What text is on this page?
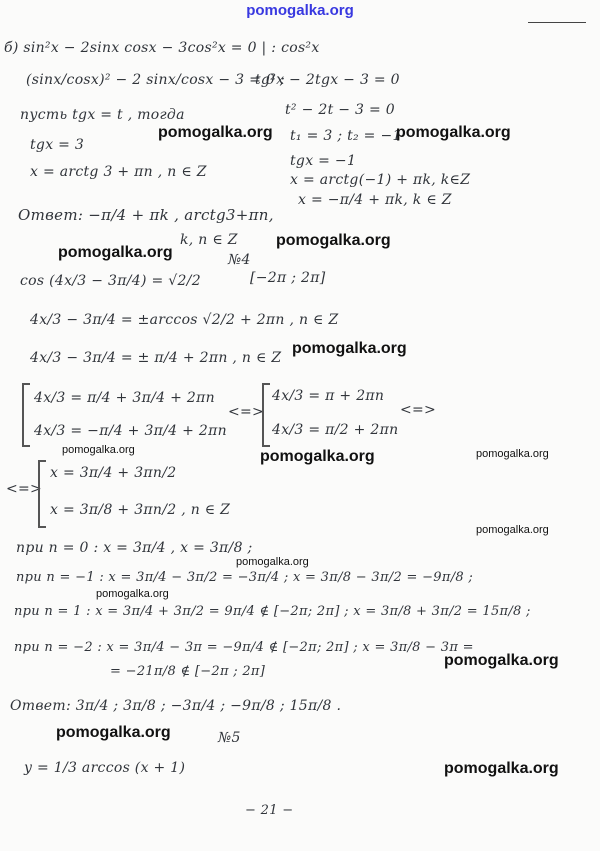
pomogalka.org
б) sin²x − 2sinx cosx − 3cos²x = 0 | : cos²x
(sinx/cosx)² − 2 sinx/cosx − 3 = 0 ;
tg²x − 2tgx − 3 = 0
пусть tgx = t , тогда	t² − 2t − 3 = 0
t₁ = 3 ; t₂ = −1
tgx = 3
tgx = −1
x = arctg 3 + πn , n ∈ Z	x = arctg(−1) + πk, k∈Z
x = −π/4 + πk, k ∈ Z
Ответ: −π/4 + πk , arctg3+πn,
k, n ∈ Z
№4
cos (4x/3 − 3π/4) = √2/2	[−2π ; 2π]
4x/3 − 3π/4 = ±arccos √2/2 + 2πn , n ∈ Z
4x/3 − 3π/4 = ± π/4 + 2πn , n ∈ Z
4x/3 = π/4 + 3π/4 + 2πn
4x/3 = −π/4 + 3π/4 + 2πn
<=>
4x/3 = π + 2πn
4x/3 = π/2 + 2πn
<=>
<=>
x = 3π/4 + 3πn/2
x = 3π/8 + 3πn/2 , n ∈ Z
при n = 0 : x = 3π/4 , x = 3π/8 ;
при n = −1 : x = 3π/4 − 3π/2 = −3π/4 ; x = 3π/8 − 3π/2 = −9π/8 ;
при n = 1 : x = 3π/4 + 3π/2 = 9π/4 ∉ [−2π; 2π] ; x = 3π/8 + 3π/2 = 15π/8 ;
при n = −2 : x = 3π/4 − 3π = −9π/4 ∉ [−2π; 2π] ; x = 3π/8 − 3π =
= −21π/8 ∉ [−2π ; 2π]
Ответ: 3π/4 ; 3π/8 ; −3π/4 ; −9π/8 ; 15π/8 .
№5
y = 1/3 arccos (x + 1)
− 21 −
pomogalka.org	pomogalka.org
pomogalka.org
pomogalka.org
pomogalka.org
pomogalka.org	pomogalka.org	pomogalka.org
pomogalka.org
pomogalka.org
pomogalka.org
pomogalka.org
pomogalka.org
pomogalka.org
